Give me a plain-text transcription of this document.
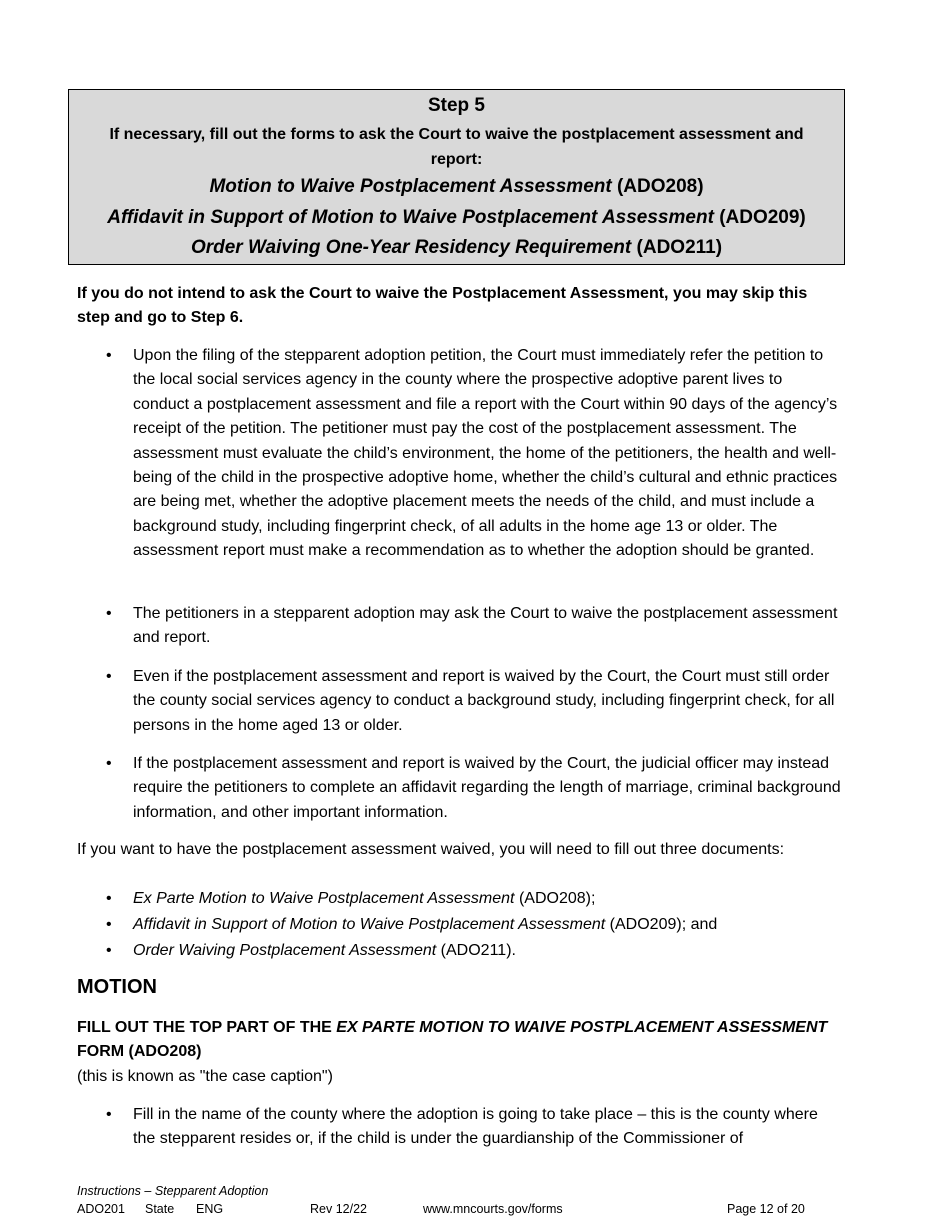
Step 5
If necessary, fill out the forms to ask the Court to waive the postplacement assessment and report:
Motion to Waive Postplacement Assessment (ADO208)
Affidavit in Support of Motion to Waive Postplacement Assessment (ADO209)
Order Waiving One-Year Residency Requirement (ADO211)
If you do not intend to ask the Court to waive the Postplacement Assessment, you may skip this step and go to Step 6.
• Upon the filing of the stepparent adoption petition, the Court must immediately refer the petition to the local social services agency in the county where the prospective adoptive parent lives to conduct a postplacement assessment and file a report with the Court within 90 days of the agency’s receipt of the petition. The petitioner must pay the cost of the postplacement assessment. The assessment must evaluate the child’s environment, the home of the petitioners, the health and well-being of the child in the prospective adoptive home, whether the child’s cultural and ethnic practices are being met, whether the adoptive placement meets the needs of the child, and must include a background study, including fingerprint check, of all adults in the home age 13 or older. The assessment report must make a recommendation as to whether the adoption should be granted.
• The petitioners in a stepparent adoption may ask the Court to waive the postplacement assessment and report.
• Even if the postplacement assessment and report is waived by the Court, the Court must still order the county social services agency to conduct a background study, including fingerprint check, for all persons in the home aged 13 or older.
• If the postplacement assessment and report is waived by the Court, the judicial officer may instead require the petitioners to complete an affidavit regarding the length of marriage, criminal background information, and other important information.
If you want to have the postplacement assessment waived, you will need to fill out three documents:
• Ex Parte Motion to Waive Postplacement Assessment (ADO208);
• Affidavit in Support of Motion to Waive Postplacement Assessment (ADO209); and
• Order Waiving Postplacement Assessment (ADO211).
MOTION
FILL OUT THE TOP PART OF THE EX PARTE MOTION TO WAIVE POSTPLACEMENT ASSESSMENT FORM (ADO208)
(this is known as "the case caption")
• Fill in the name of the county where the adoption is going to take place – this is the county where the stepparent resides or, if the child is under the guardianship of the Commissioner of
Instructions – Stepparent Adoption
ADO201 State ENG	Rev 12/22	www.mncourts.gov/forms	Page 12 of 20
